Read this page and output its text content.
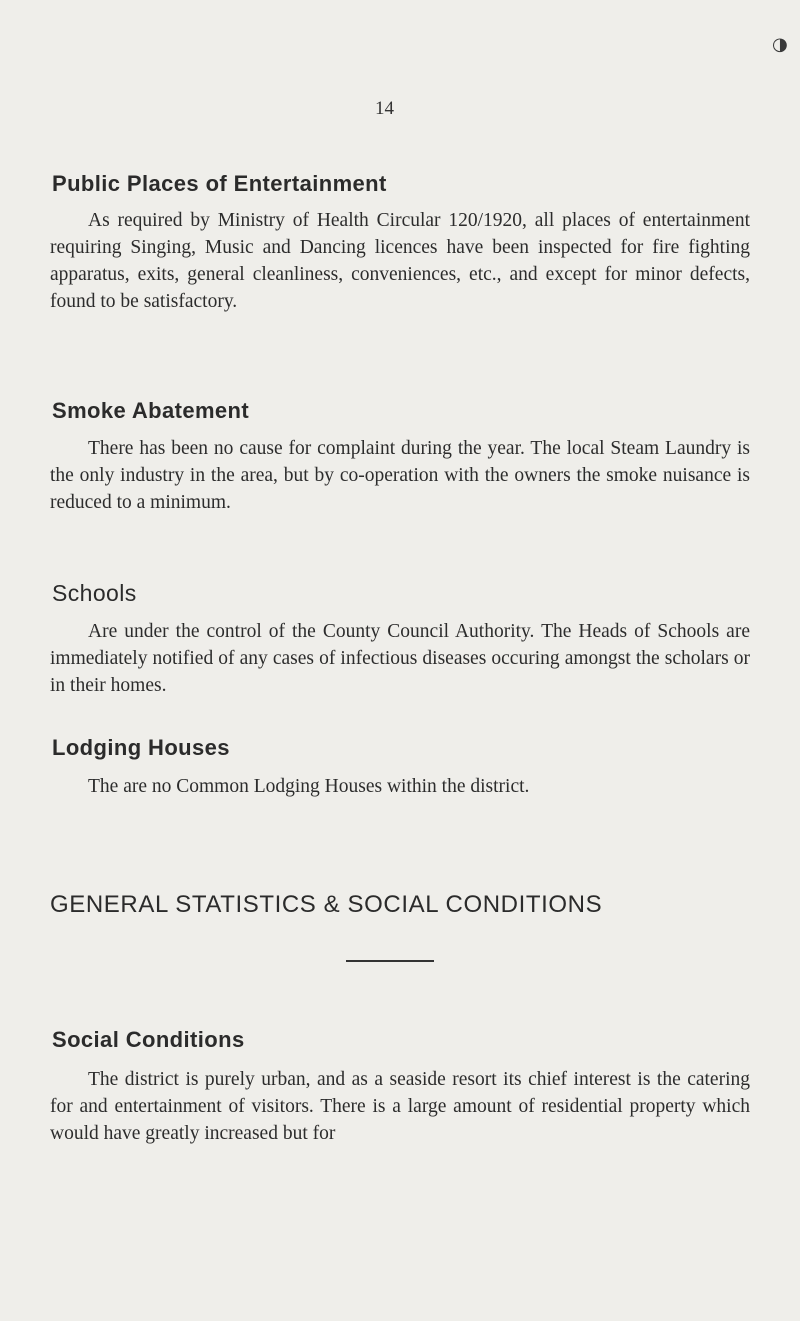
◑
14
Public Places of Entertainment
As required by Ministry of Health Circular 120/1920, all places of entertainment requiring Singing, Music and Dancing licences have been inspected for fire fighting apparatus, exits, general cleanliness, conveniences, etc., and except for minor defects, found to be satisfactory.
Smoke Abatement
There has been no cause for complaint during the year. The local Steam Laundry is the only industry in the area, but by co-operation with the owners the smoke nuisance is reduced to a minimum.
Schools
Are under the control of the County Council Authority. The Heads of Schools are immediately notified of any cases of infectious diseases occuring amongst the scholars or in their homes.
Lodging Houses
The are no Common Lodging Houses within the district.
GENERAL STATISTICS & SOCIAL CONDITIONS
Social Conditions
The district is purely urban, and as a seaside resort its chief interest is the catering for and entertainment of visitors. There is a large amount of residential property which would have greatly increased but for
